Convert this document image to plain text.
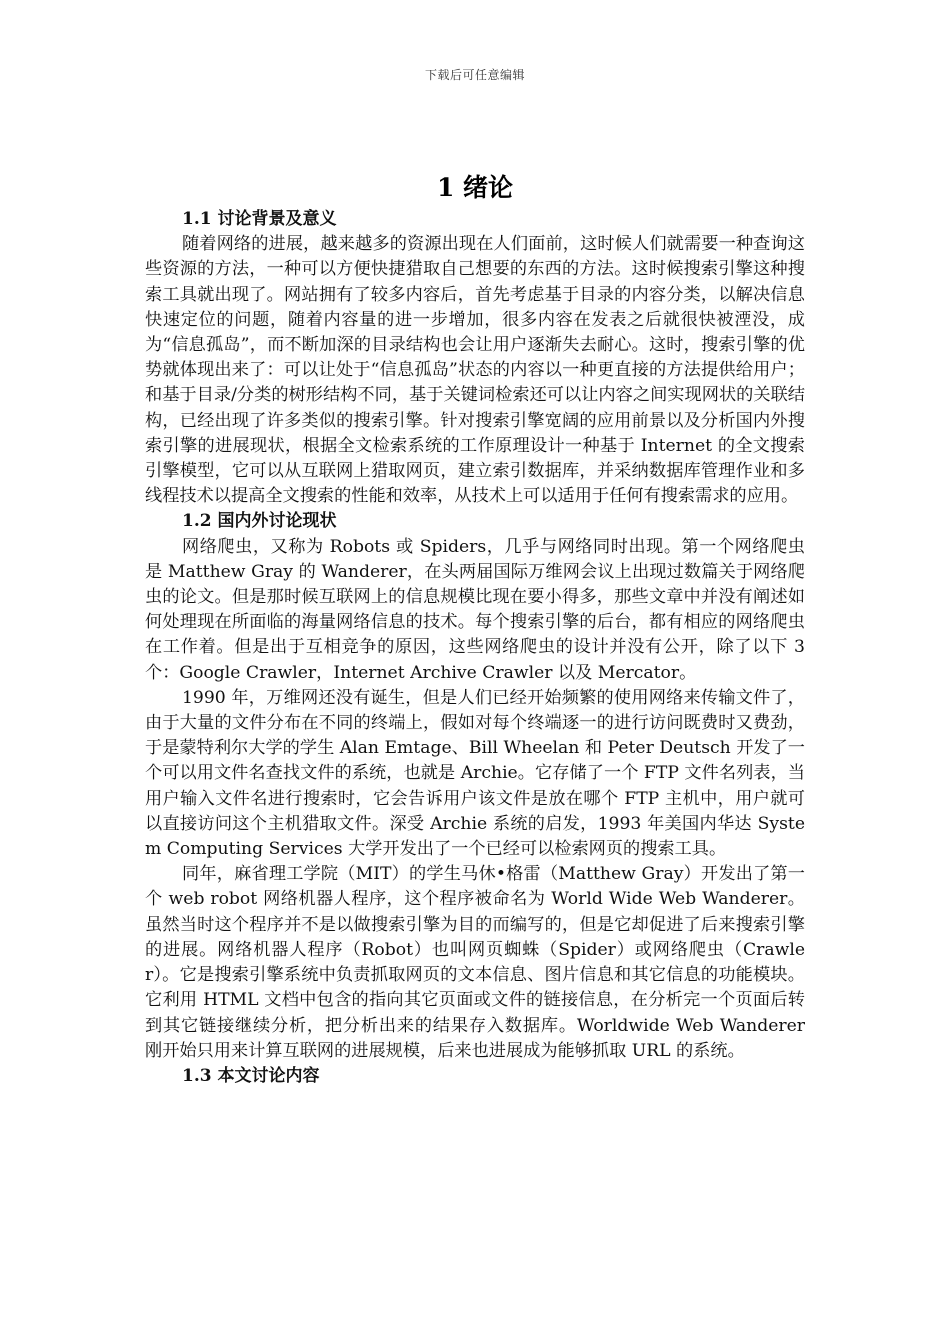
下载后可任意编辑
1 绪论

1.1 讨论背景及意义

随着网络的进展，越来越多的资源出现在人们面前，这时候人们就需要一种查询这些资源的方法，一种可以方便快捷猎取自己想要的东西的方法。这时候搜索引擎这种搜索工具就出现了。网站拥有了较多内容后，首先考虑基于目录的内容分类，以解决信息快速定位的问题，随着内容量的进一步增加，很多内容在发表之后就很快被湮没，成为“信息孤岛”，而不断加深的目录结构也会让用户逐渐失去耐心。这时，搜索引擎的优势就体现出来了：可以让处于“信息孤岛”状态的内容以一种更直接的方法提供给用户；和基于目录/分类的树形结构不同，基于关键词检索还可以让内容之间实现网状的关联结构，已经出现了许多类似的搜索引擎。针对搜索引擎宽阔的应用前景以及分析国内外搜索引擎的进展现状，根据全文检索系统的工作原理设计一种基于 Internet 的全文搜索引擎模型，它可以从互联网上猎取网页，建立索引数据库，并采纳数据库管理作业和多线程技术以提高全文搜索的性能和效率，从技术上可以适用于任何有搜索需求的应用。

1.2 国内外讨论现状

网络爬虫，又称为 Robots 或 Spiders，几乎与网络同时出现。第一个网络爬虫是 Matthew Gray 的 Wanderer，在头两届国际万维网会议上出现过数篇关于网络爬虫的论文。但是那时候互联网上的信息规模比现在要小得多，那些文章中并没有阐述如何处理现在所面临的海量网络信息的技术。每个搜索引擎的后台，都有相应的网络爬虫在工作着。但是出于互相竞争的原因，这些网络爬虫的设计并没有公开，除了以下 3 个：Google Crawler，Internet Archive Crawler 以及 Mercator。

1990 年，万维网还没有诞生，但是人们已经开始频繁的使用网络来传输文件了，由于大量的文件分布在不同的终端上，假如对每个终端逐一的进行访问既费时又费劲，于是蒙特利尔大学的学生 Alan Emtage、Bill Wheelan 和 Peter Deutsch 开发了一个可以用文件名查找文件的系统，也就是 Archie。它存储了一个 FTP 文件名列表，当用户输入文件名进行搜索时，它会告诉用户该文件是放在哪个 FTP 主机中，用户就可以直接访问这个主机猎取文件。深受 Archie 系统的启发，1993 年美国内华达 System Computing Services 大学开发出了一个已经可以检索网页的搜索工具。

同年，麻省理工学院（MIT）的学生马休•格雷（Matthew Gray）开发出了第一个 web robot 网络机器人程序，这个程序被命名为 World Wide Web Wanderer。虽然当时这个程序并不是以做搜索引擎为目的而编写的，但是它却促进了后来搜索引擎的进展。网络机器人程序（Robot）也叫网页蜘蛛（Spider）或网络爬虫（Crawler）。它是搜索引擎系统中负责抓取网页的文本信息、图片信息和其它信息的功能模块。它利用 HTML 文档中包含的指向其它页面或文件的链接信息，在分析完一个页面后转到其它链接继续分析，把分析出来的结果存入数据库。Worldwide Web Wanderer 刚开始只用来计算互联网的进展规模，后来也进展成为能够抓取 URL 的系统。

1.3 本文讨论内容
